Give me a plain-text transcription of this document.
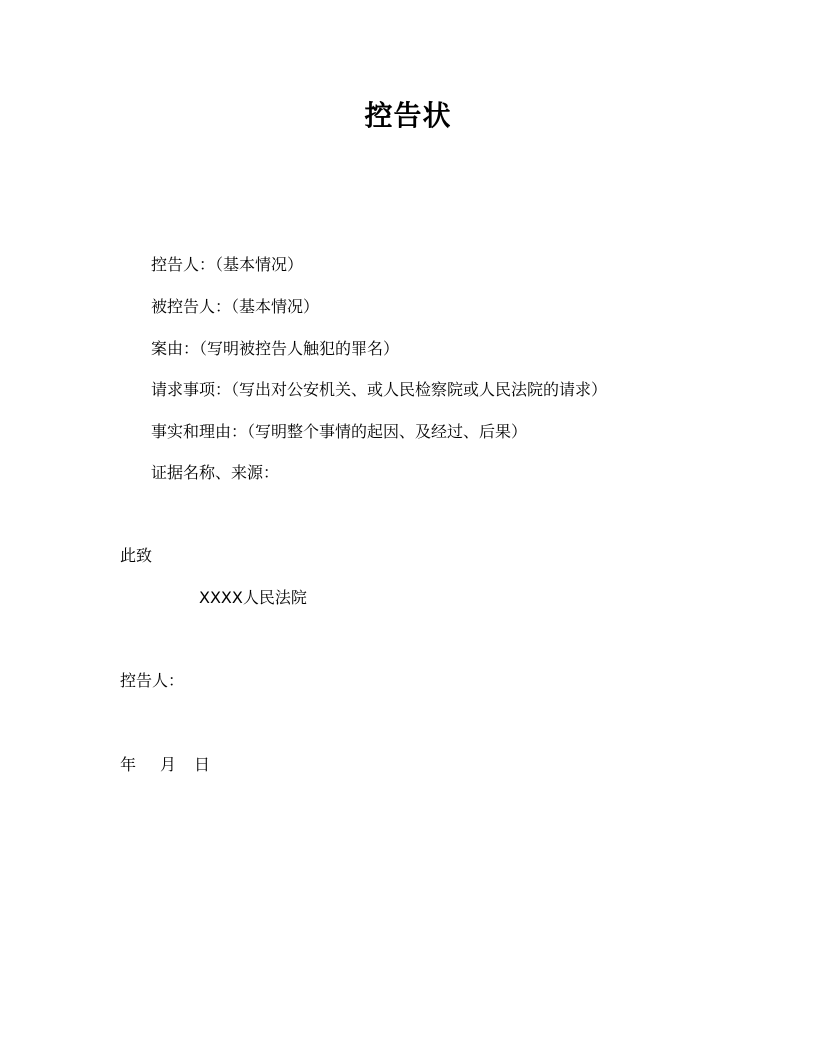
控告状
控告人：（基本情况）
被控告人：（基本情况）
案由：（写明被控告人触犯的罪名）
请求事项：（写出对公安机关、或人民检察院或人民法院的请求）
事实和理由：（写明整个事情的起因、及经过、后果）
证据名称、来源：
此致
XXXX人民法院
控告人：
年 月 日
